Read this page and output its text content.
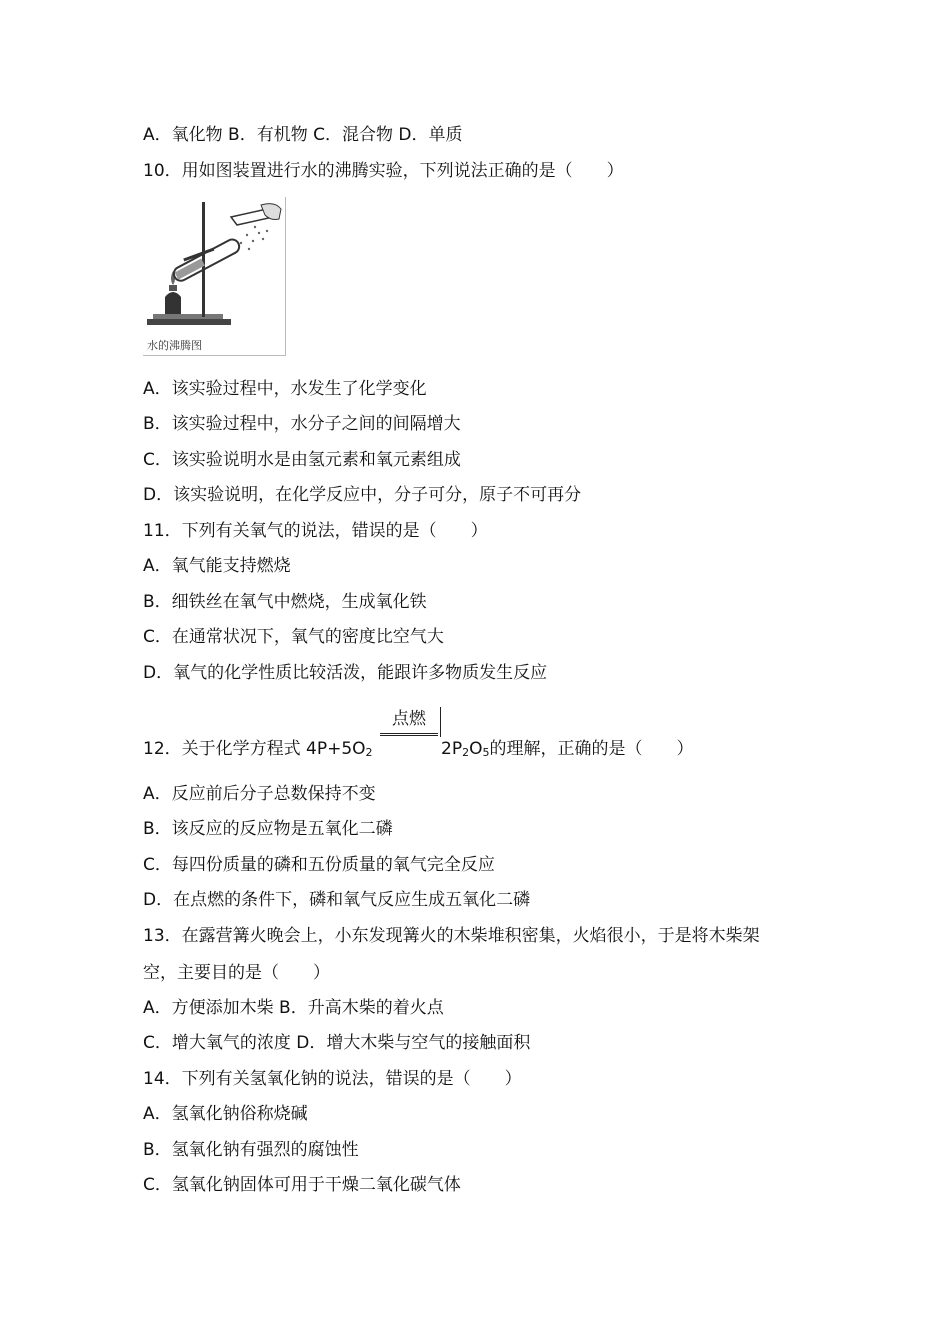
A．氧化物 B．有机物 C．混合物 D．单质
10．用如图装置进行水的沸腾实验，下列说法正确的是（　　）
水的沸腾图
A．该实验过程中，水发生了化学变化
B．该实验过程中，水分子之间的间隔增大
C．该实验说明水是由氢元素和氧元素组成
D．该实验说明，在化学反应中，分子可分，原子不可再分
11．下列有关氧气的说法，错误的是（　　）
A．氧气能支持燃烧
B．细铁丝在氧气中燃烧，生成氧化铁
C．在通常状况下，氧气的密度比空气大
D．氧气的化学性质比较活泼，能跟许多物质发生反应
点燃
12．关于化学方程式 $4P+5O_2$	$2P_2O_5$的理解，正确的是（　　）
A．反应前后分子总数保持不变
B．该反应的反应物是五氧化二磷
C．每四份质量的磷和五份质量的氧气完全反应
D．在点燃的条件下，磷和氧气反应生成五氧化二磷
13．在露营篝火晚会上，小东发现篝火的木柴堆积密集，火焰很小，于是将木柴架
空，主要目的是（　　）
A．方便添加木柴 B．升高木柴的着火点
C．增大氧气的浓度 D．增大木柴与空气的接触面积
14．下列有关氢氧化钠的说法，错误的是（　　）
A．氢氧化钠俗称烧碱
B．氢氧化钠有强烈的腐蚀性
C．氢氧化钠固体可用于干燥二氧化碳气体
